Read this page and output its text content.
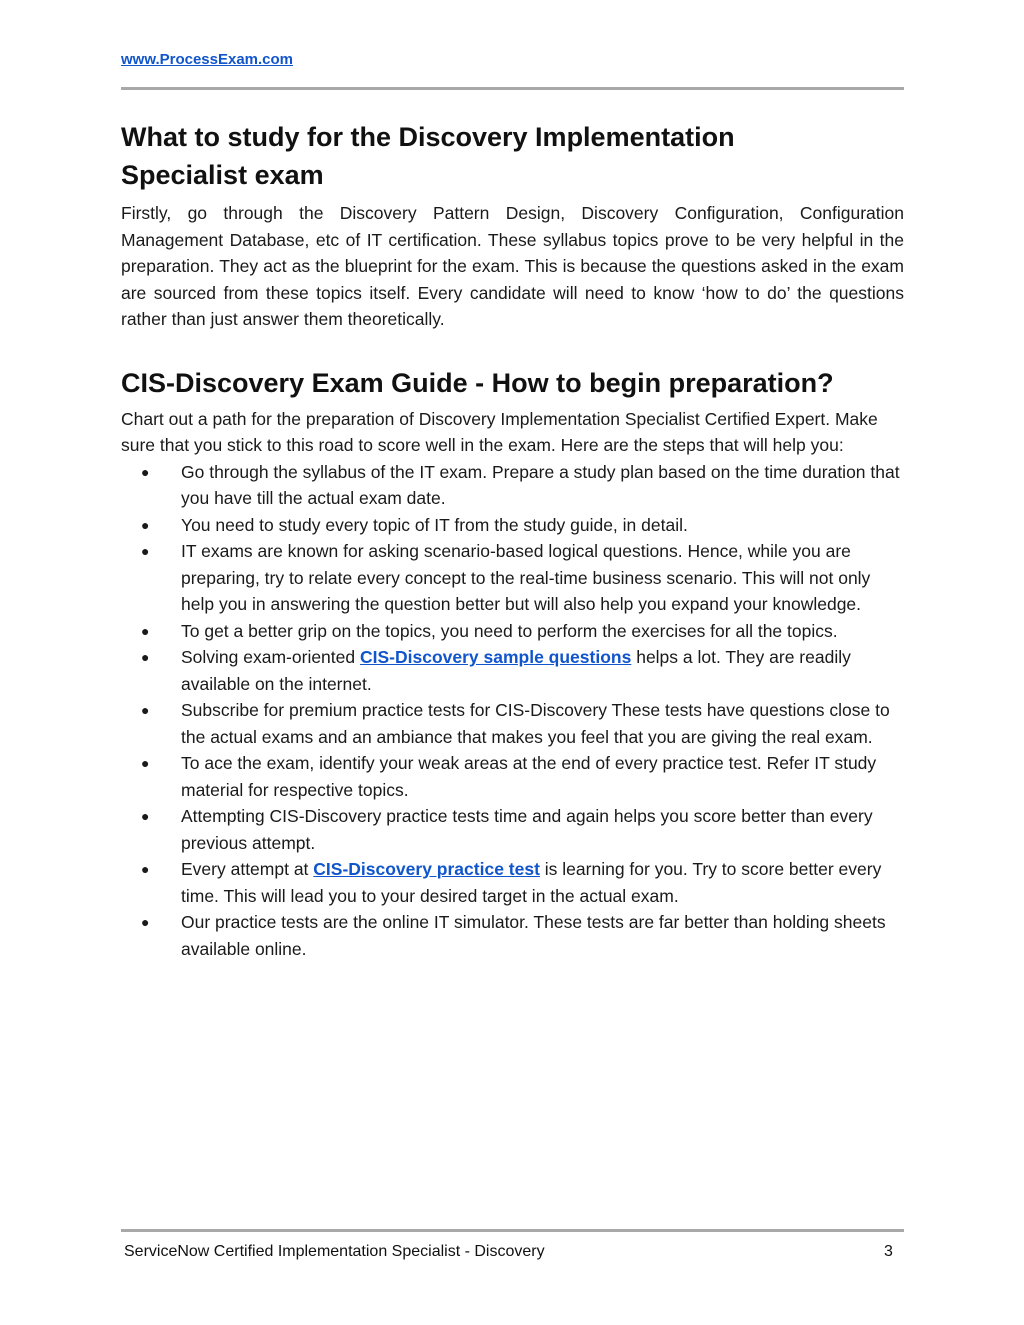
www.ProcessExam.com
What to study for the Discovery Implementation Specialist exam

Firstly, go through the Discovery Pattern Design, Discovery Configuration, Configuration Management Database, etc of IT certification. These syllabus topics prove to be very helpful in the preparation. They act as the blueprint for the exam. This is because the questions asked in the exam are sourced from these topics itself. Every candidate will need to know ‘how to do’ the questions rather than just answer them theoretically.

CIS-Discovery Exam Guide - How to begin preparation?

Chart out a path for the preparation of Discovery Implementation Specialist Certified Expert. Make sure that you stick to this road to score well in the exam. Here are the steps that will help you:

● Go through the syllabus of the IT exam. Prepare a study plan based on the time duration that you have till the actual exam date.
● You need to study every topic of IT from the study guide, in detail.
● IT exams are known for asking scenario-based logical questions. Hence, while you are preparing, try to relate every concept to the real-time business scenario. This will not only help you in answering the question better but will also help you expand your knowledge.
● To get a better grip on the topics, you need to perform the exercises for all the topics.
● Solving exam-oriented CIS-Discovery sample questions helps a lot. They are readily available on the internet.
● Subscribe for premium practice tests for CIS-Discovery These tests have questions close to the actual exams and an ambiance that makes you feel that you are giving the real exam.
● To ace the exam, identify your weak areas at the end of every practice test. Refer IT study material for respective topics.
● Attempting CIS-Discovery practice tests time and again helps you score better than every previous attempt.
● Every attempt at CIS-Discovery practice test is learning for you. Try to score better every time. This will lead you to your desired target in the actual exam.
● Our practice tests are the online IT simulator. These tests are far better than holding sheets available online.
ServiceNow Certified Implementation Specialist - Discovery	3
